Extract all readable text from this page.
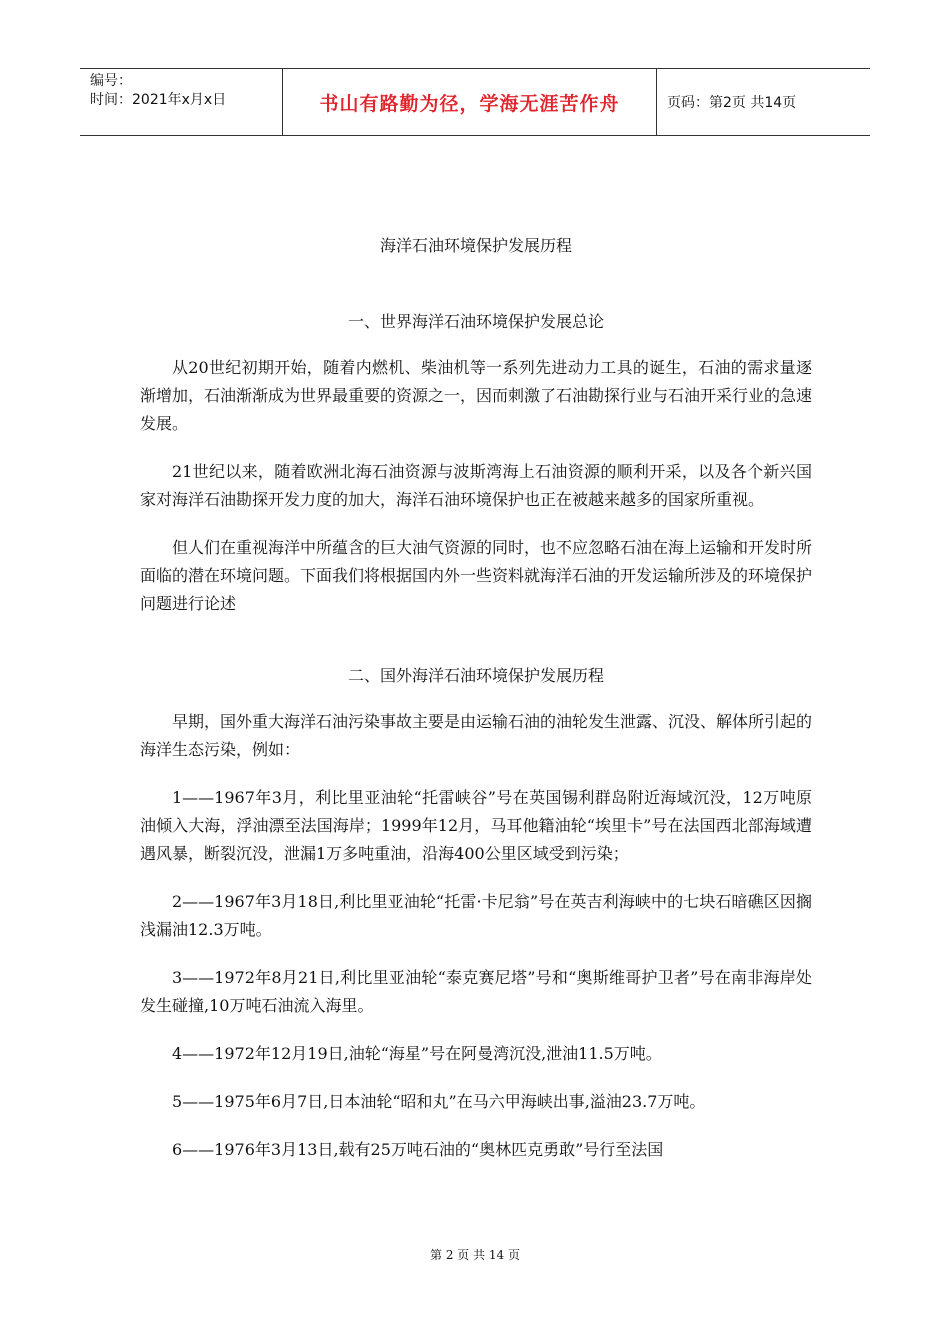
编号：
时间：2021年x月x日	书山有路勤为径，学海无涯苦作舟	页码：第2页 共14页
海洋石油环境保护发展历程
一、世界海洋石油环境保护发展总论

从20世纪初期开始，随着内燃机、柴油机等一系列先进动力工具的诞生，石油的需求量逐渐增加，石油渐渐成为世界最重要的资源之一，因而刺激了石油勘探行业与石油开采行业的急速发展。

21世纪以来，随着欧洲北海石油资源与波斯湾海上石油资源的顺利开采，以及各个新兴国家对海洋石油勘探开发力度的加大，海洋石油环境保护也正在被越来越多的国家所重视。

但人们在重视海洋中所蕴含的巨大油气资源的同时，也不应忽略石油在海上运输和开发时所面临的潜在环境问题。下面我们将根据国内外一些资料就海洋石油的开发运输所涉及的环境保护问题进行论述

二、国外海洋石油环境保护发展历程

早期，国外重大海洋石油污染事故主要是由运输石油的油轮发生泄露、沉没、解体所引起的海洋生态污染，例如：

1——1967年3月，利比里亚油轮“托雷峡谷”号在英国锡利群岛附近海域沉没，12万吨原油倾入大海，浮油漂至法国海岸；1999年12月，马耳他籍油轮“埃里卡”号在法国西北部海域遭遇风暴，断裂沉没，泄漏1万多吨重油，沿海400公里区域受到污染；

2——1967年3月18日,利比里亚油轮“托雷·卡尼翁”号在英吉利海峡中的七块石暗礁区因搁浅漏油12.3万吨。

3——1972年8月21日,利比里亚油轮“泰克赛尼塔”号和“奥斯维哥护卫者”号在南非海岸处发生碰撞,10万吨石油流入海里。

4——1972年12月19日,油轮“海星”号在阿曼湾沉没,泄油11.5万吨。

5——1975年6月7日,日本油轮“昭和丸”在马六甲海峡出事,溢油23.7万吨。

6——1976年3月13日,载有25万吨石油的“奥林匹克勇敢”号行至法国

第 2 页 共 14 页
